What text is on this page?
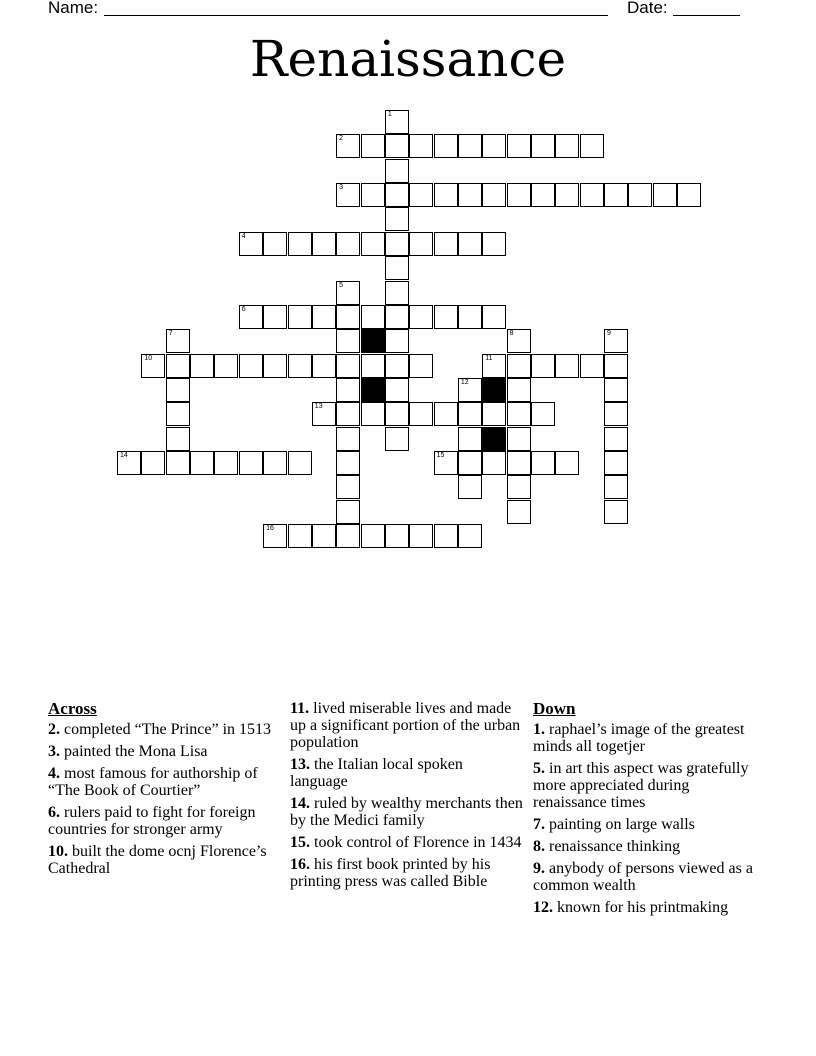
Name:	Date:
Renaissance
2
3
4
6
10	11
13
14	15
16
1
5
7	8	9
12
Across
2. completed “The Prince” in 1513
3. painted the Mona Lisa
4. most famous for authorship of “The Book of Courtier”
6. rulers paid to fight for foreign countries for stronger army
10. built the dome ocnj Florence’s Cathedral
11. lived miserable lives and made up a significant portion of the urban population
13. the Italian local spoken language
14. ruled by wealthy merchants then by the Medici family
15. took control of Florence in 1434
16. his first book printed by his printing press was called Bible
Down
1. raphael’s image of the greatest minds all togetjer
5. in art this aspect was gratefully more appreciated during renaissance times
7. painting on large walls
8. renaissance thinking
9. anybody of persons viewed as a common wealth
12. known for his printmaking
